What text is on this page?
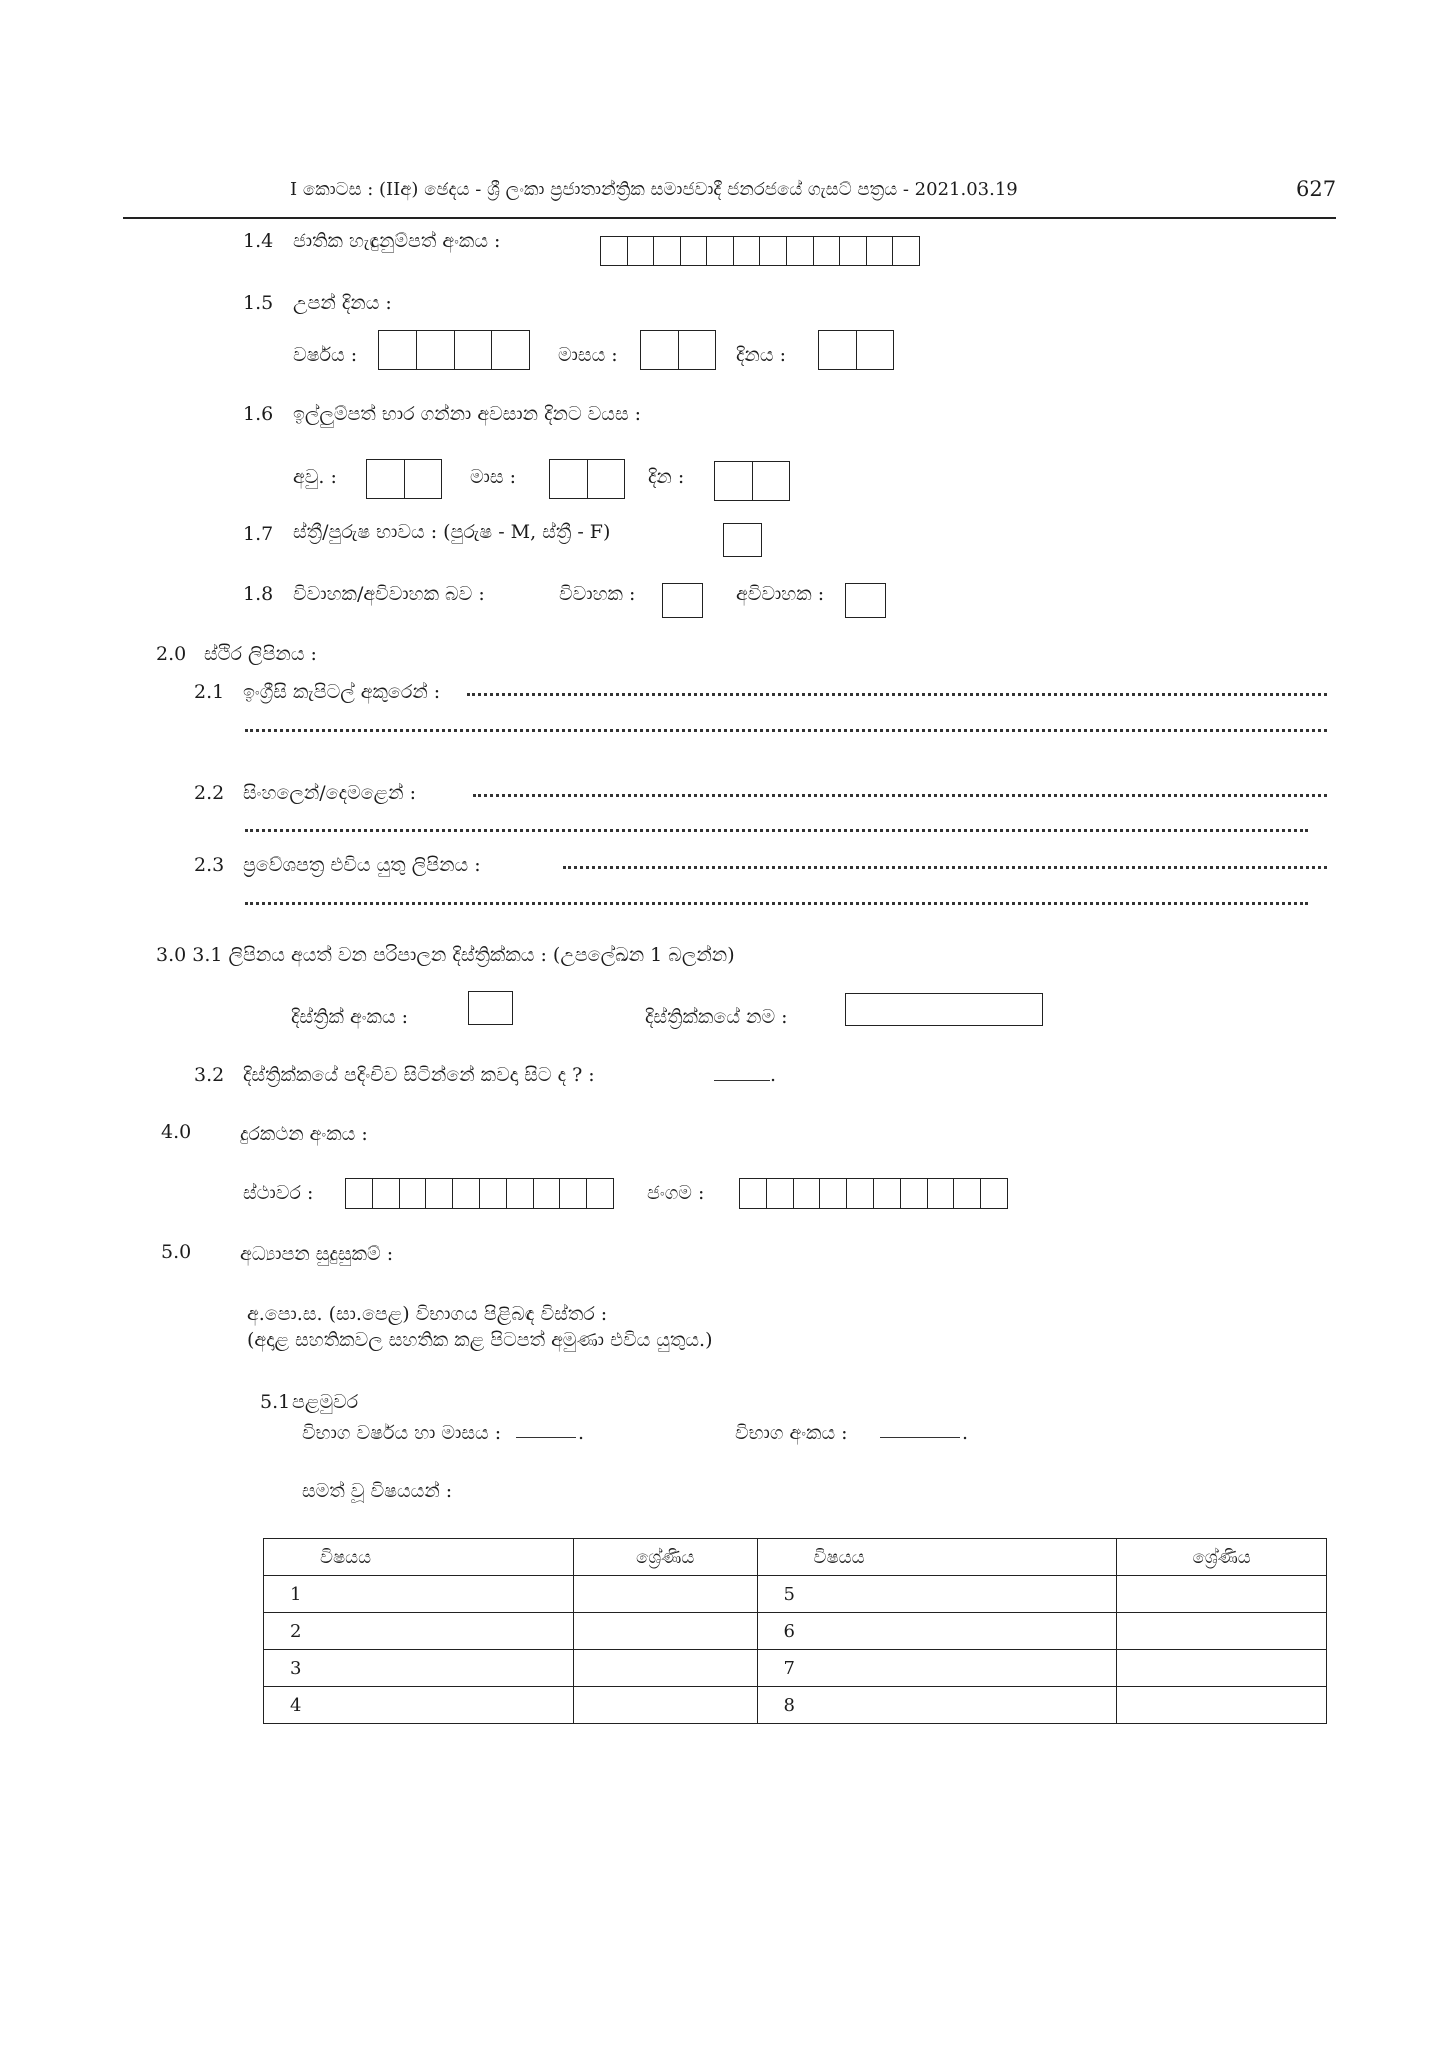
I කොටස : (IIඅ) ඡෙදය - ශ්‍රී ලංකා ප්‍රජාතාන්ත්‍රික සමාජවාදී ජනරජයේ ගැසට් පත්‍රය - 2021.03.19	627
1.4 ජාතික හැඳුනුම්පත් අංකය :
1.5 උපන් දිනය :
වර්ෂය :	මාසය :	දිනය :
1.6 ඉල්ලුම්පත් භාර ගන්නා අවසාන දිනට වයස :
අවු. :	මාස :	දින :
1.7 ස්ත්‍රී/පුරුෂ භාවය : (පුරුෂ - M, ස්ත්‍රී - F)
1.8 විවාහක/අවිවාහක බව :	විවාහක :	අවිවාහක :
2.0 ස්ථිර ලිපිනය :
2.1 ඉංග්‍රීසි කැපිටල් අකුරෙන් :
2.2 සිංහලෙන්/දෙමළෙන් :
2.3 ප්‍රවේශපත්‍ර එවිය යුතු ලිපිනය :
3.0 3.1 ලිපිනය අයත් වන පරිපාලන දිස්ත්‍රික්කය : (උපලේඛන 1 බලන්න)
දිස්ත්‍රික් අංකය :	දිස්ත්‍රික්කයේ නම :
3.2 දිස්ත්‍රික්කයේ පදිංචිව සිටින්නේ කවදා සිට ද ? :	.
4.0	දුරකථන අංකය :
ස්ථාවර :	ජංගම :
5.0	අධ්‍යාපන සුදුසුකම් :
අ.පො.ස. (සා.පෙළ) විභාගය පිළිබඳ විස්තර :
(අදාළ සහතිකවල සහතික කළ පිටපත් අමුණා එවිය යුතුය.)
5.1 පළමුවර
විභාග වර්ෂය හා මාසය :	.	විභාග අංකය :	.
සමත් වූ විෂයයන් :
විෂයය	ශ්‍රේණිය	විෂයය	ශ්‍රේණිය
1		5	
2		6	
3		7	
4		8	
